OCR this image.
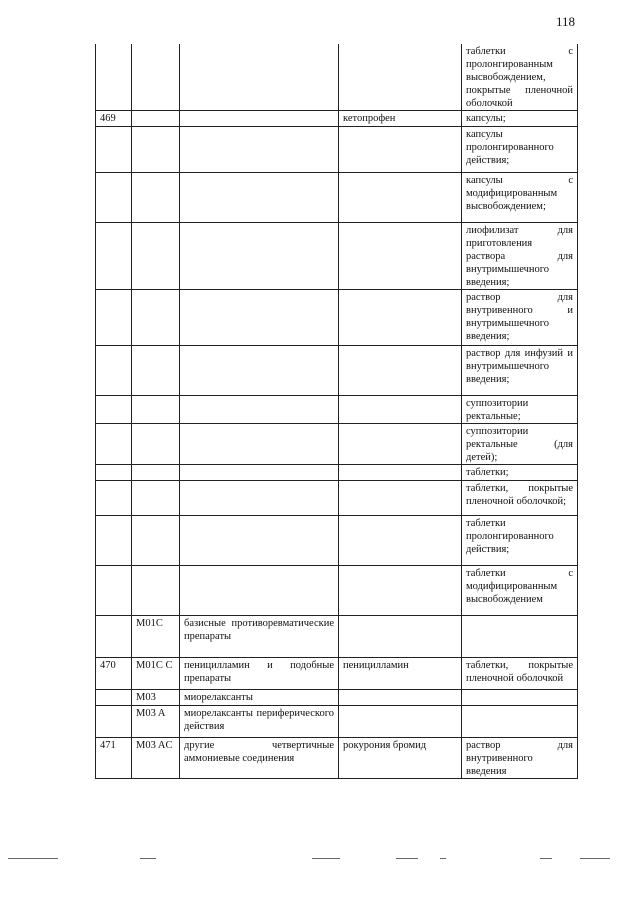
118
				таблетки с пролонгированным высвобождением, покрытые пленочной оболочкой
469			кетопрофен	капсулы;
				капсулы пролонгированного действия;
				капсулы с модифицированным высвобождением;
				лиофилизат для приготовления раствора для внутримышечного введения;
				раствор для внутривенного и внутримышечного введения;
				раствор для инфузий и внутримышечного введения;
				суппозитории ректальные;
				суппозитории ректальные (для детей);
				таблетки;
				таблетки, покрытые пленочной оболочкой;
				таблетки пролонгированного действия;
				таблетки с модифицированным высвобождением
	M01C	базисные противоревматические препараты		
470	M01C C	пеницилламин и подобные препараты	пеницилламин	таблетки, покрытые пленочной оболочкой
	M03	миорелаксанты		
	M03 A	миорелаксанты периферического действия		
471	M03 AC	другие четвертичные аммониевые соединения	рокурония бромид	раствор для внутривенного введения
